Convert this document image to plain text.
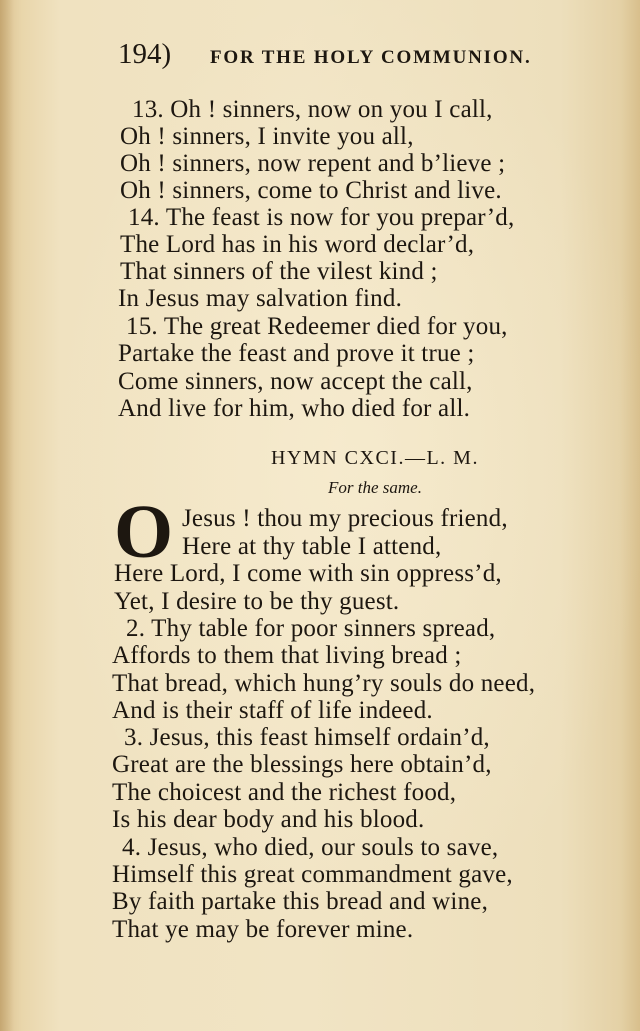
194) FOR THE HOLY COMMUNION.
13. Oh ! sinners, now on you I call,
Oh ! sinners, I invite you all,
Oh ! sinners, now repent and b’lieve ;
Oh ! sinners, come to Christ and live.
14. The feast is now for you prepar’d,
The Lord has in his word declar’d,
That sinners of the vilest kind ;
In Jesus may salvation find.
15. The great Redeemer died for you,
Partake the feast and prove it true ;
Come sinners, now accept the call,
And live for him, who died for all.
HYMN CXCI.—L. M.
For the same.
O Jesus ! thou my precious friend,
Here at thy table I attend,
Here Lord, I come with sin oppress’d,
Yet, I desire to be thy guest.
2. Thy table for poor sinners spread,
Affords to them that living bread ;
That bread, which hung’ry souls do need,
And is their staff of life indeed.
3. Jesus, this feast himself ordain’d,
Great are the blessings here obtain’d,
The choicest and the richest food,
Is his dear body and his blood.
4. Jesus, who died, our souls to save,
Himself this great commandment gave,
By faith partake this bread and wine,
That ye may be forever mine.
